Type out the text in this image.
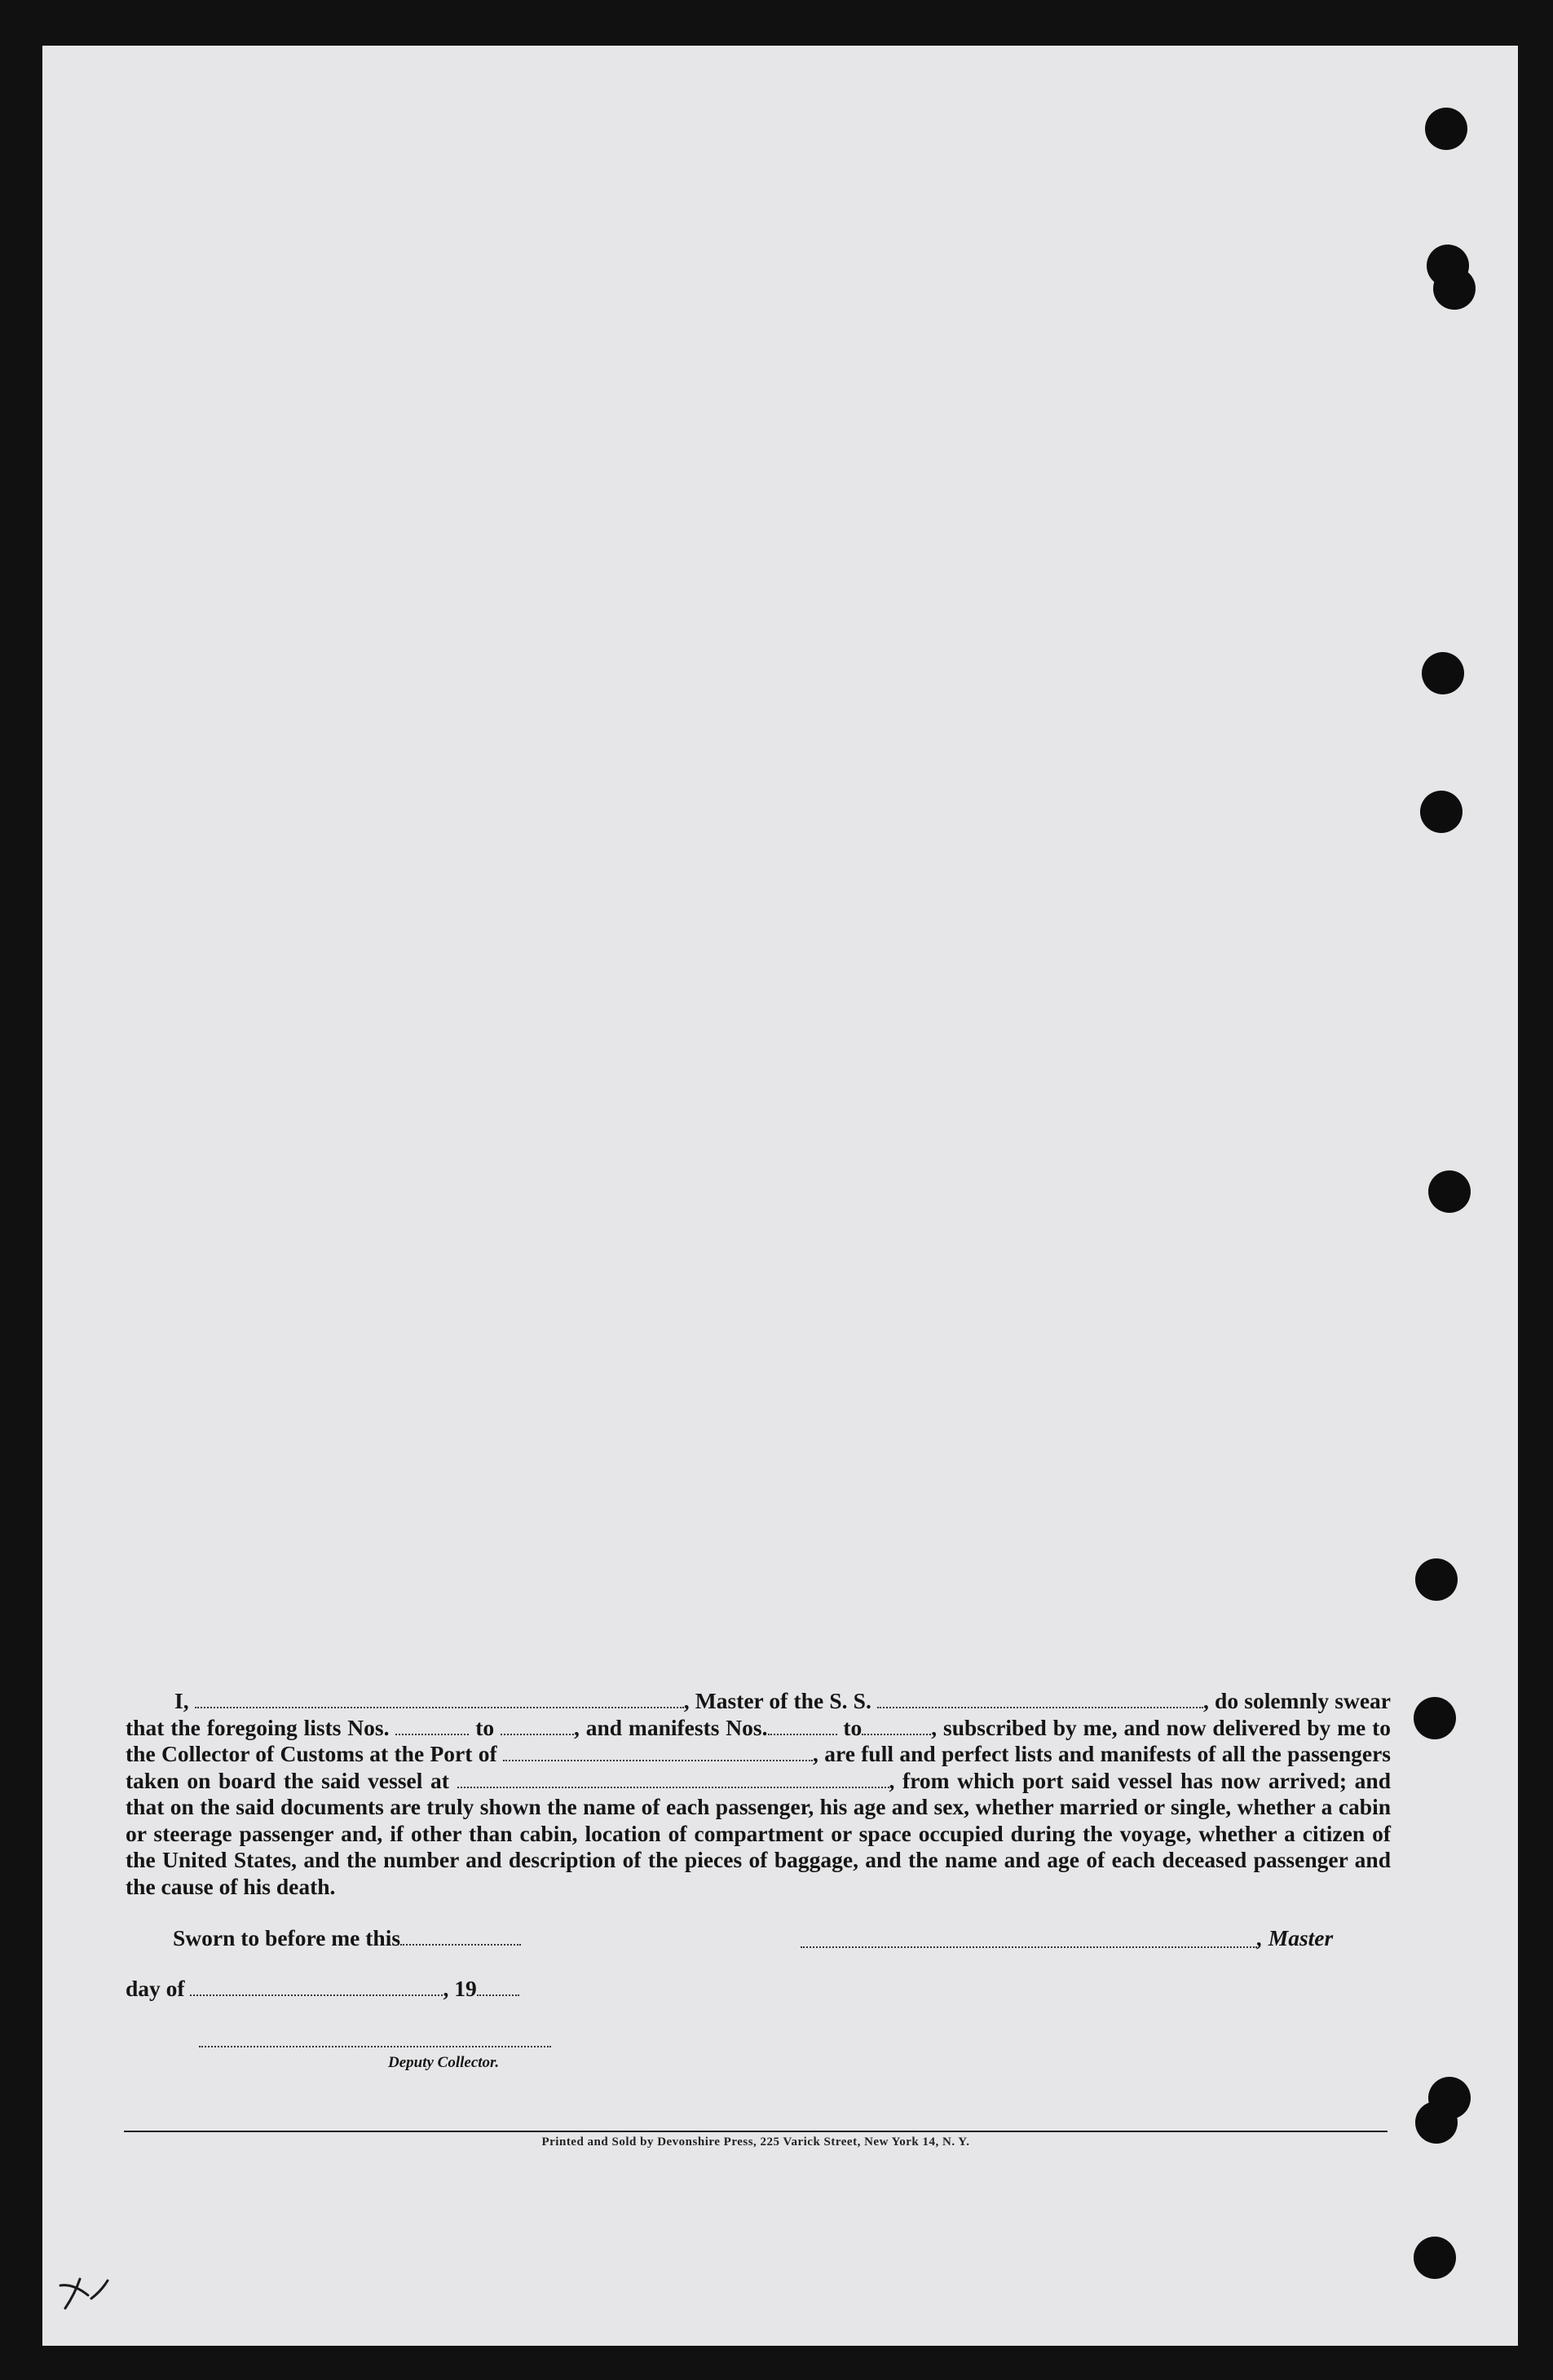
I,	, Master of the S. S.	, do solemnly swear that the foregoing lists Nos.	to	, and manifests Nos.	to	, subscribed by me, and now delivered by me to the Collector of Customs at the Port of	, are full and perfect lists and manifests of all the passengers taken on board the said vessel at	, from which port said vessel has now arrived; and that on the said documents are truly shown the name of each passenger, his age and sex, whether married or single, whether a cabin or steerage passenger and, if other than cabin, location of compartment or space occupied during the voyage, whether a citizen of the United States, and the number and description of the pieces of baggage, and the name and age of each deceased passenger and the cause of his death.
Sworn to before me this	, Master
day of	, 19
Deputy Collector.
Printed and Sold by Devonshire Press, 225 Varick Street, New York 14, N. Y.
